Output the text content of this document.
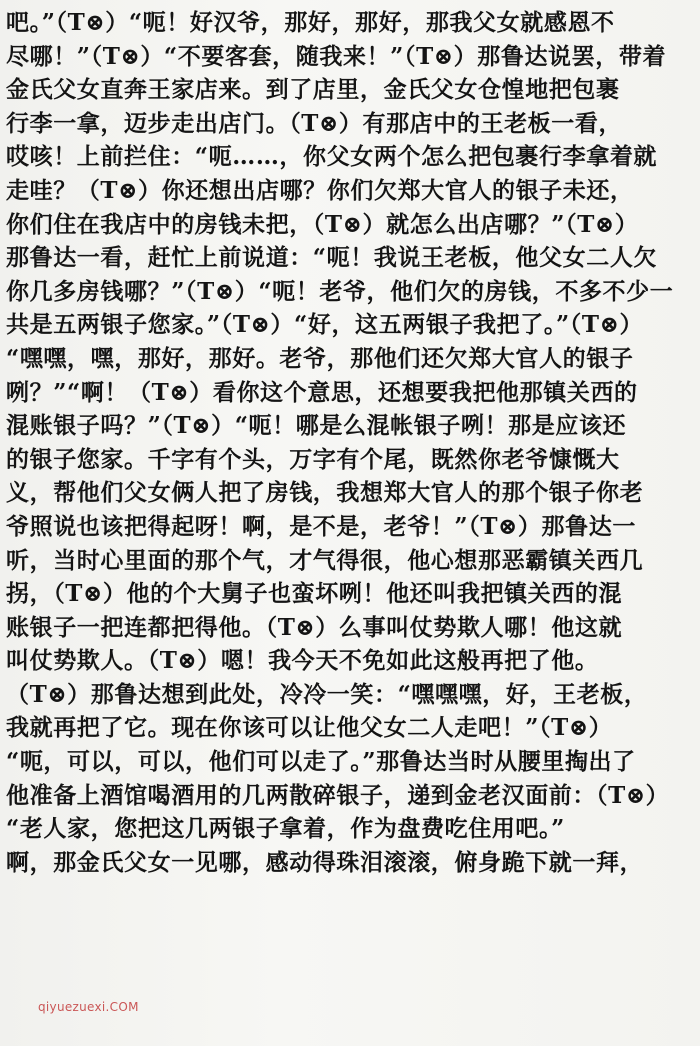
吧。”（T⊗）“呃！好汉爷，那好，那好，那我父女就感恩不
尽哪！”（T⊗）“不要客套，随我来！”（T⊗）那鲁达说罢，带着
金氏父女直奔王家店来。到了店里，金氏父女仓惶地把包裹
行李一拿，迈步走出店门。（T⊗）有那店中的王老板一看，
哎咳！上前拦住：“呃……，你父女两个怎么把包裹行李拿着就
走哇？（T⊗）你还想出店哪？你们欠郑大官人的银子未还，
你们住在我店中的房钱未把，（T⊗）就怎么出店哪？”（T⊗）
那鲁达一看，赶忙上前说道：“呃！我说王老板，他父女二人欠
你几多房钱哪？”（T⊗）“呃！老爷，他们欠的房钱，不多不少一
共是五两银子您家。”（T⊗）“好，这五两银子我把了。”（T⊗）
“嘿嘿，嘿，那好，那好。老爷，那他们还欠郑大官人的银子
咧？”“啊！（T⊗）看你这个意思，还想要我把他那镇关西的
混账银子吗？”（T⊗）“呃！哪是么混帐银子咧！那是应该还
的银子您家。千字有个头，万字有个尾，既然你老爷慷慨大
义，帮他们父女俩人把了房钱，我想郑大官人的那个银子你老
爷照说也该把得起呀！啊，是不是，老爷！”（T⊗）那鲁达一
听，当时心里面的那个气，才气得很，他心想那恶霸镇关西几
拐，（T⊗）他的个大舅子也蛮坏咧！他还叫我把镇关西的混
账银子一把连都把得他。（T⊗）么事叫仗势欺人哪！他这就
叫仗势欺人。（T⊗）嗯！我今天不免如此这般再把了他。
（T⊗）那鲁达想到此处，冷冷一笑：“嘿嘿嘿，好，王老板，
我就再把了它。现在你该可以让他父女二人走吧！”（T⊗）
“呃，可以，可以，他们可以走了。”那鲁达当时从腰里掏出了
他准备上酒馆喝酒用的几两散碎银子，递到金老汉面前：（T⊗）
“老人家，您把这几两银子拿着，作为盘费吃住用吧。”
啊，那金氏父女一见哪，感动得珠泪滚滚，俯身跪下就一拜，
qiyuezuexi.COM
